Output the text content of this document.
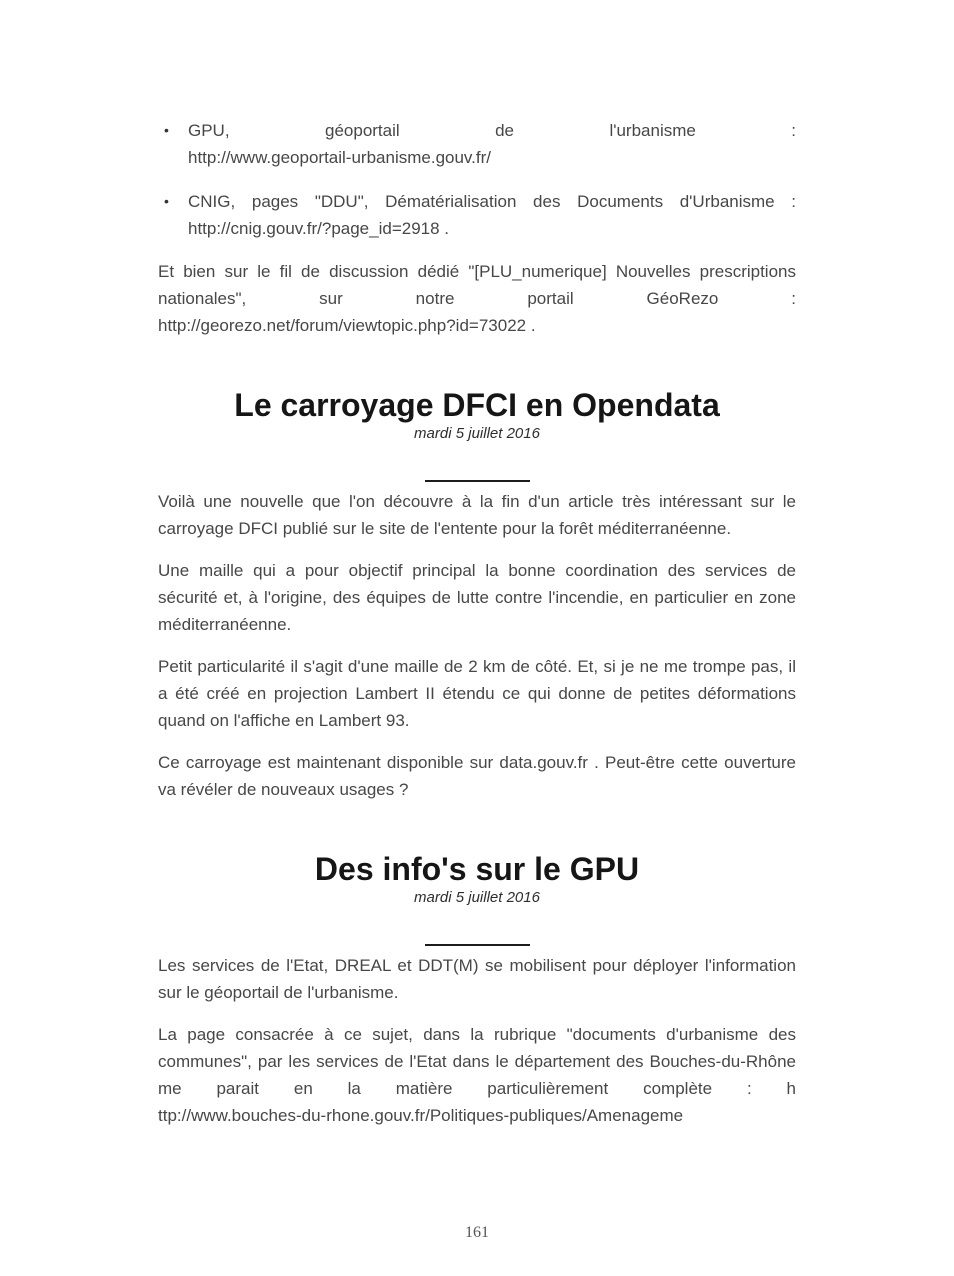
• GPU, géoportail de l'urbanisme :
http://www.geoportail-urbanisme.gouv.fr/
• CNIG, pages "DDU", Dématérialisation des Documents d'Urbanisme :
http://cnig.gouv.fr/?page_id=2918 .
Et bien sur le fil de discussion dédié "[PLU_numerique] Nouvelles prescriptions nationales", sur notre portail GéoRezo :
http://georezo.net/forum/viewtopic.php?id=73022 .
Le carroyage DFCI en Opendata
mardi 5 juillet 2016

Voilà une nouvelle que l'on découvre à la fin d'un article très intéressant sur le carroyage DFCI publié sur le site de l'entente pour la forêt méditerranéenne.

Une maille qui a pour objectif principal la bonne coordination des services de sécurité et, à l'origine, des équipes de lutte contre l'incendie, en particulier en zone méditerranéenne.

Petit particularité il s'agit d'une maille de 2 km de côté. Et, si je ne me trompe pas, il a été créé en projection Lambert II étendu ce qui donne de petites déformations quand on l'affiche en Lambert 93.

Ce carroyage est maintenant disponible sur data.gouv.fr . Peut-être cette ouverture va révéler de nouveaux usages ?

Des info's sur le GPU
mardi 5 juillet 2016

Les services de l'Etat, DREAL et DDT(M) se mobilisent pour déployer l'information sur le géoportail de l'urbanisme.

La page consacrée à ce sujet, dans la rubrique "documents d'urbanisme des communes", par les services de l'Etat dans le département des Bouches-du-Rhône me parait en la matière particulièrement complète : http://www.bouches-du-rhone.gouv.fr/Politiques-publiques/Amenageme

161
